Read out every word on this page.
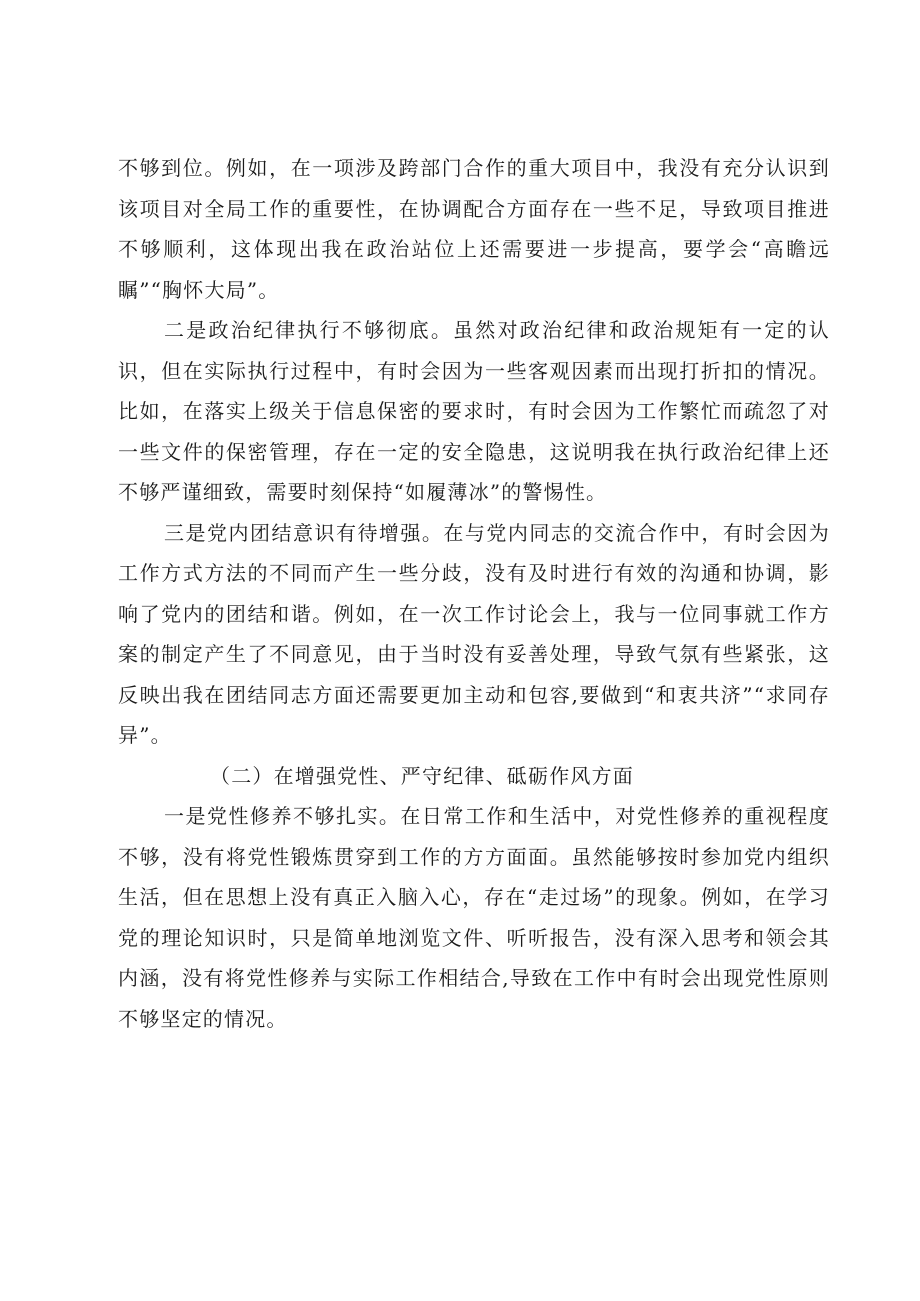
不够到位。例如，在一项涉及跨部门合作的重大项目中，我没有充分认识到该项目对全局工作的重要性，在协调配合方面存在一些不足，导致项目推进不够顺利，这体现出我在政治站位上还需要进一步提高，要学会“高瞻远瞩”“胸怀大局”。

二是政治纪律执行不够彻底。虽然对政治纪律和政治规矩有一定的认识，但在实际执行过程中，有时会因为一些客观因素而出现打折扣的情况。比如，在落实上级关于信息保密的要求时，有时会因为工作繁忙而疏忽了对一些文件的保密管理，存在一定的安全隐患，这说明我在执行政治纪律上还不够严谨细致，需要时刻保持“如履薄冰”的警惕性。

三是党内团结意识有待增强。在与党内同志的交流合作中，有时会因为工作方式方法的不同而产生一些分歧，没有及时进行有效的沟通和协调，影响了党内的团结和谐。例如，在一次工作讨论会上，我与一位同事就工作方案的制定产生了不同意见，由于当时没有妥善处理，导致气氛有些紧张，这反映出我在团结同志方面还需要更加主动和包容,要做到“和衷共济”“求同存异”。

（二）在增强党性、严守纪律、砥砺作风方面

一是党性修养不够扎实。在日常工作和生活中，对党性修养的重视程度不够，没有将党性锻炼贯穿到工作的方方面面。虽然能够按时参加党内组织生活，但在思想上没有真正入脑入心，存在“走过场”的现象。例如，在学习党的理论知识时，只是简单地浏览文件、听听报告，没有深入思考和领会其内涵，没有将党性修养与实际工作相结合,导致在工作中有时会出现党性原则不够坚定的情况。
